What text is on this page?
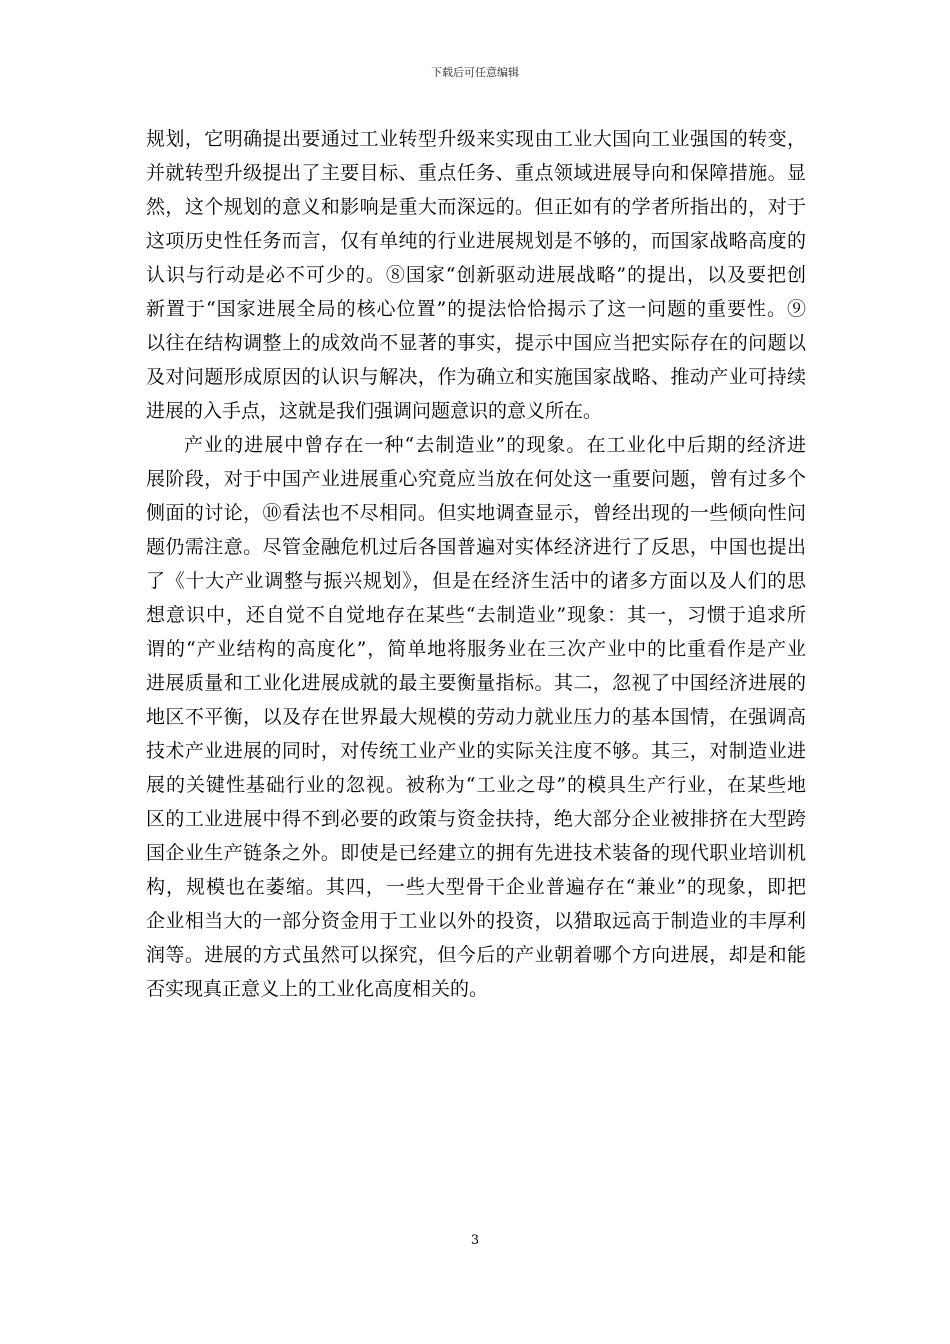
下载后可任意编辑
规划，它明确提出要通过工业转型升级来实现由工业大国向工业强国的转变，
并就转型升级提出了主要目标、重点任务、重点领域进展导向和保障措施。显
然，这个规划的意义和影响是重大而深远的。但正如有的学者所指出的，对于
这项历史性任务而言，仅有单纯的行业进展规划是不够的，而国家战略高度的
认识与行动是必不可少的。⑧国家“创新驱动进展战略”的提出，以及要把创
新置于“国家进展全局的核心位置”的提法恰恰揭示了这一问题的重要性。⑨
以往在结构调整上的成效尚不显著的事实，提示中国应当把实际存在的问题以
及对问题形成原因的认识与解决，作为确立和实施国家战略、推动产业可持续
进展的入手点，这就是我们强调问题意识的意义所在。
产业的进展中曾存在一种“去制造业”的现象。在工业化中后期的经济进
展阶段，对于中国产业进展重心究竟应当放在何处这一重要问题，曾有过多个
侧面的讨论，⑩看法也不尽相同。但实地调查显示，曾经出现的一些倾向性问
题仍需注意。尽管金融危机过后各国普遍对实体经济进行了反思，中国也提出
了《十大产业调整与振兴规划》，但是在经济生活中的诸多方面以及人们的思
想意识中，还自觉不自觉地存在某些“去制造业”现象：其一，习惯于追求所
谓的“产业结构的高度化”，简单地将服务业在三次产业中的比重看作是产业
进展质量和工业化进展成就的最主要衡量指标。其二，忽视了中国经济进展的
地区不平衡，以及存在世界最大规模的劳动力就业压力的基本国情，在强调高
技术产业进展的同时，对传统工业产业的实际关注度不够。其三，对制造业进
展的关键性基础行业的忽视。被称为“工业之母”的模具生产行业，在某些地
区的工业进展中得不到必要的政策与资金扶持，绝大部分企业被排挤在大型跨
国企业生产链条之外。即使是已经建立的拥有先进技术装备的现代职业培训机
构，规模也在萎缩。其四，一些大型骨干企业普遍存在“兼业”的现象，即把
企业相当大的一部分资金用于工业以外的投资，以猎取远高于制造业的丰厚利
润等。进展的方式虽然可以探究，但今后的产业朝着哪个方向进展，却是和能
否实现真正意义上的工业化高度相关的。
3
